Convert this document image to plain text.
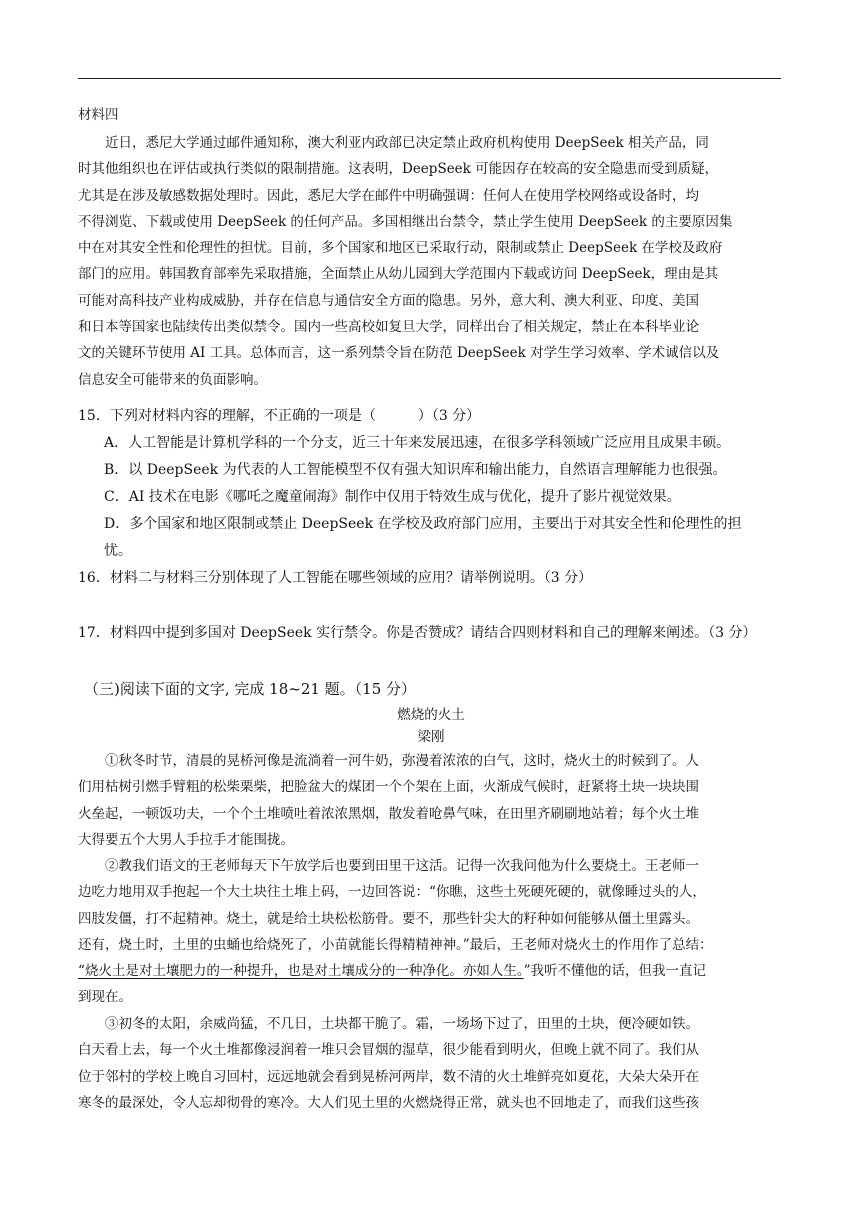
材料四
　　近日，悉尼大学通过邮件通知称，澳大利亚内政部已决定禁止政府机构使用 DeepSeek 相关产品，同
时其他组织也在评估或执行类似的限制措施。这表明，DeepSeek 可能因存在较高的安全隐患而受到质疑，
尤其是在涉及敏感数据处理时。因此，悉尼大学在邮件中明确强调：任何人在使用学校网络或设备时，均
不得浏览、下载或使用 DeepSeek 的任何产品。多国相继出台禁令，禁止学生使用 DeepSeek 的主要原因集
中在对其安全性和伦理性的担忧。目前，多个国家和地区已采取行动，限制或禁止 DeepSeek 在学校及政府
部门的应用。韩国教育部率先采取措施，全面禁止从幼儿园到大学范围内下载或访问 DeepSeek，理由是其
可能对高科技产业构成威胁，并存在信息与通信安全方面的隐患。另外，意大利、澳大利亚、印度、美国
和日本等国家也陆续传出类似禁令。国内一些高校如复旦大学，同样出台了相关规定，禁止在本科毕业论
文的关键环节使用 AI 工具。总体而言，这一系列禁令旨在防范 DeepSeek 对学生学习效率、学术诚信以及
信息安全可能带来的负面影响。
15．下列对材料内容的理解，不正确的一项是（　　　）（3 分）
A．人工智能是计算机学科的一个分支，近三十年来发展迅速，在很多学科领域广泛应用且成果丰硕。
B．以 DeepSeek 为代表的人工智能模型不仅有强大知识库和输出能力，自然语言理解能力也很强。
C．AI 技术在电影《哪吒之魔童闹海》制作中仅用于特效生成与优化，提升了影片视觉效果。
D．多个国家和地区限制或禁止 DeepSeek 在学校及政府部门应用，主要出于对其安全性和伦理性的担
忧。
16．材料二与材料三分别体现了人工智能在哪些领域的应用？请举例说明。（3 分）
17．材料四中提到多国对 DeepSeek 实行禁令。你是否赞成？请结合四则材料和自己的理解来阐述。（3 分）
（三)阅读下面的文字, 完成 18~21 题。（15 分）
燃烧的火土
梁刚
　　①秋冬时节，清晨的晃桥河像是流淌着一河牛奶，弥漫着浓浓的白气，这时，烧火土的时候到了。人
们用枯树引燃手臂粗的松柴栗柴，把脸盆大的煤团一个个架在上面，火渐成气候时，赶紧将土块一块块围
火垒起，一顿饭功夫，一个个土堆喷吐着浓浓黑烟，散发着呛鼻气味，在田里齐刷刷地站着；每个火土堆
大得要五个大男人手拉手才能围拢。
　　②教我们语文的王老师每天下午放学后也要到田里干这活。记得一次我问他为什么要烧土。王老师一
边吃力地用双手抱起一个大土块往土堆上码，一边回答说：“你瞧，这些土死硬死硬的，就像睡过头的人，
四肢发僵，打不起精神。烧土，就是给土块松松筋骨。要不，那些针尖大的籽种如何能够从僵土里露头。
还有，烧土时，土里的虫蛹也给烧死了，小苗就能长得精精神神。”最后，王老师对烧火土的作用作了总结：
“烧火土是对土壤肥力的一种提升，也是对土壤成分的一种净化。亦如人生。”我听不懂他的话，但我一直记
到现在。
　　③初冬的太阳，余威尚猛，不几日，土块都干脆了。霜，一场场下过了，田里的土块，便冷硬如铁。
白天看上去，每一个火土堆都像浸润着一堆只会冒烟的湿草，很少能看到明火，但晚上就不同了。我们从
位于邻村的学校上晚自习回村，远远地就会看到晃桥河两岸，数不清的火土堆鲜亮如夏花，大朵大朵开在
寒冬的最深处，令人忘却彻骨的寒冷。大人们见土里的火燃烧得正常，就头也不回地走了，而我们这些孩
